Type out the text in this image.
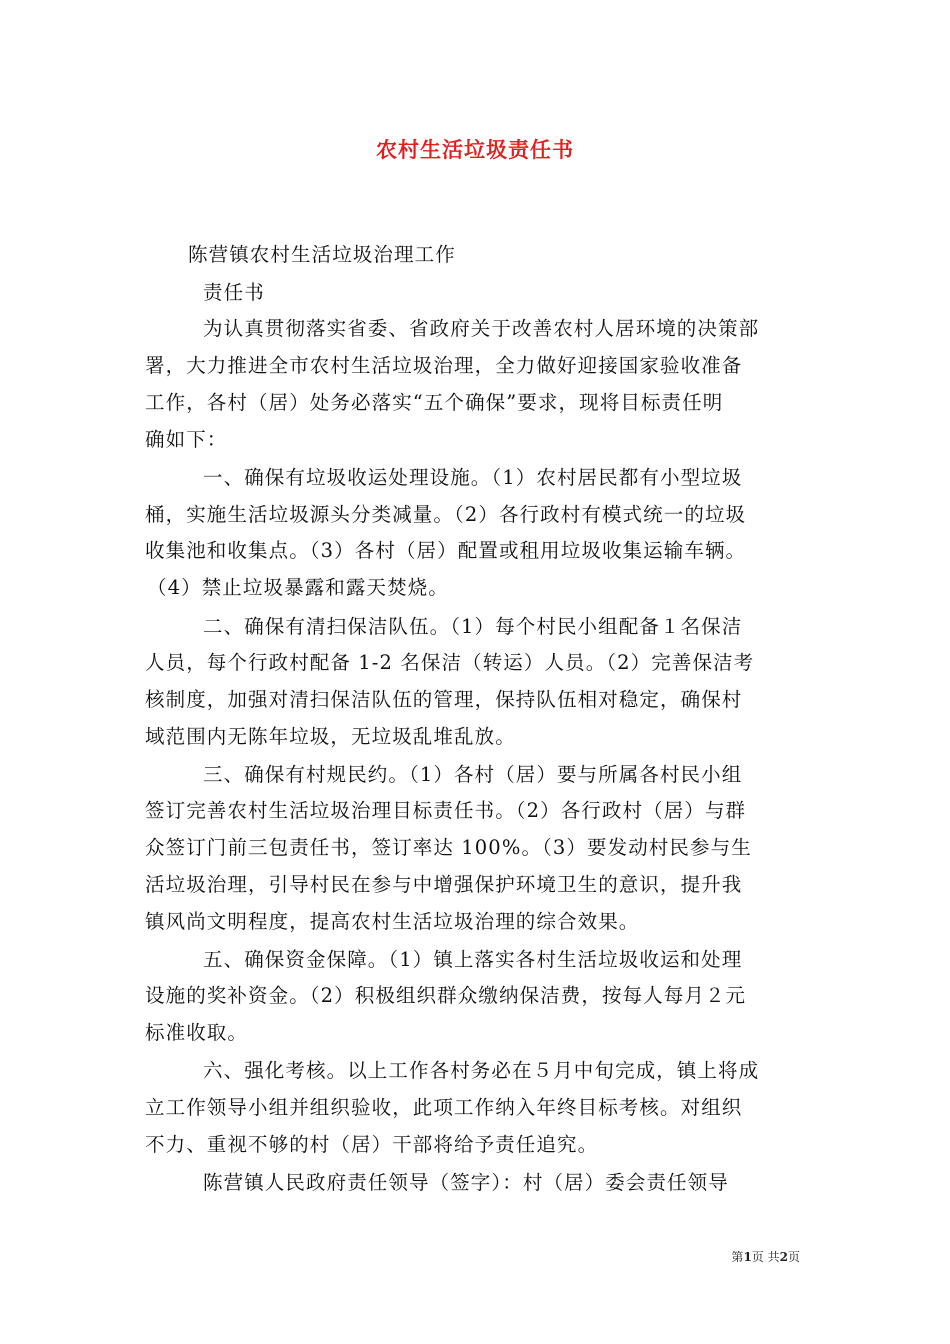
农村生活垃圾责任书
陈营镇农村生活垃圾治理工作
责任书
为认真贯彻落实省委、省政府关于改善农村人居环境的决策部
署，大力推进全市农村生活垃圾治理，全力做好迎接国家验收准备
工作，各村（居）处务必落实“五个确保”要求，现将目标责任明
确如下：
一、确保有垃圾收运处理设施。（1）农村居民都有小型垃圾
桶，实施生活垃圾源头分类减量。（2）各行政村有模式统一的垃圾
收集池和收集点。（3）各村（居）配置或租用垃圾收集运输车辆。
（4）禁止垃圾暴露和露天焚烧。
二、确保有清扫保洁队伍。（1）每个村民小组配备１名保洁
人员，每个行政村配备 1-2 名保洁（转运）人员。（2）完善保洁考
核制度，加强对清扫保洁队伍的管理，保持队伍相对稳定，确保村
域范围内无陈年垃圾，无垃圾乱堆乱放。
三、确保有村规民约。（1）各村（居）要与所属各村民小组
签订完善农村生活垃圾治理目标责任书。（2）各行政村（居）与群
众签订门前三包责任书，签订率达 100%。（3）要发动村民参与生
活垃圾治理，引导村民在参与中增强保护环境卫生的意识，提升我
镇风尚文明程度，提高农村生活垃圾治理的综合效果。
五、确保资金保障。（1）镇上落实各村生活垃圾收运和处理
设施的奖补资金。（2）积极组织群众缴纳保洁费，按每人每月２元
标准收取。
六、强化考核。以上工作各村务必在５月中旬完成，镇上将成
立工作领导小组并组织验收，此项工作纳入年终目标考核。对组织
不力、重视不够的村（居）干部将给予责任追究。
陈营镇人民政府责任领导（签字）：村（居）委会责任领导
第1页 共2页
